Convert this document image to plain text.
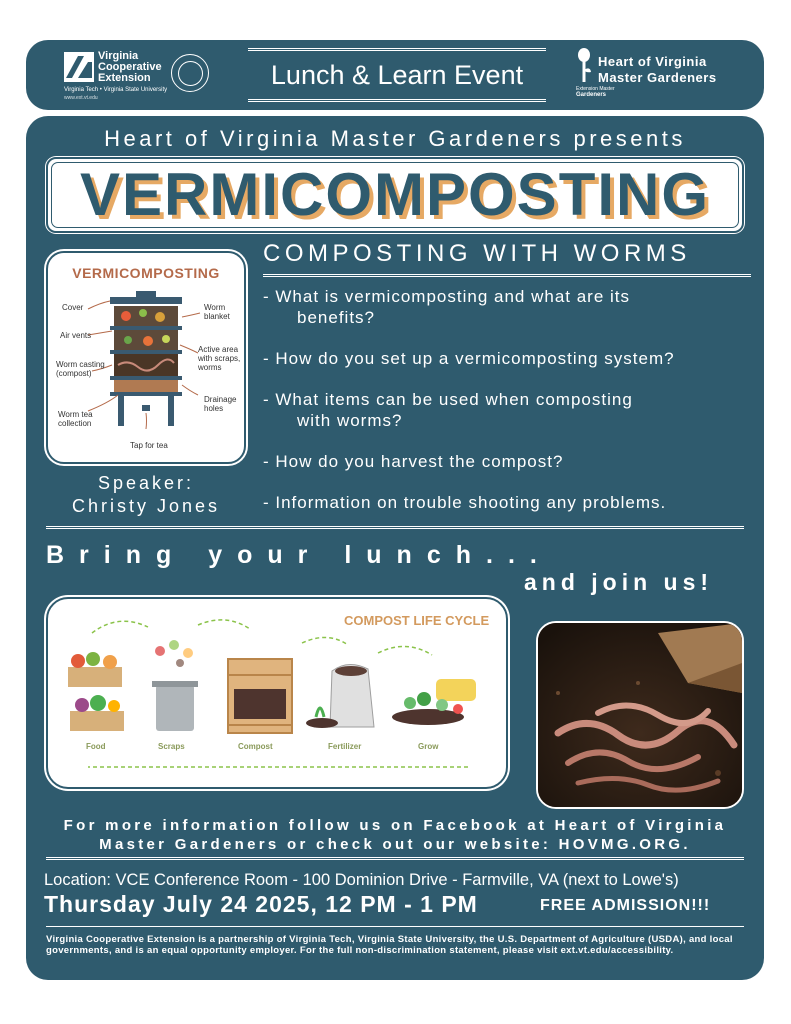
Virginia Cooperative Extension
Virginia Tech • Virginia State University
www.ext.vt.edu
Lunch & Learn Event	Heart of Virginia
Master Gardeners
Extension Master
Gardeners
Heart of Virginia Master Gardeners presents
VERMICOMPOSTING
VERMICOMPOSTING
Cover
Air vents
Worm casting (compost)
Worm tea collection
Tap for tea
Worm blanket
Active area with scraps, worms
Drainage holes
Speaker:
Christy Jones
COMPOSTING WITH WORMS
- What is vermicomposting and what are its
benefits?
- How do you set up a vermicomposting system?
- What items can be used when composting
with worms?
- How do you harvest the compost?
- Information on trouble shooting any problems.
Bring your lunch...
and join us!
COMPOST LIFE CYCLE
Food	Scraps	Compost	Fertilizer	Grow
For more information follow us on Facebook at Heart of Virginia
Master Gardeners or check out our website: HOVMG.ORG.
Location: VCE Conference Room - 100 Dominion Drive - Farmville, VA (next to Lowe's)
Thursday July 24 2025, 12 PM - 1 PM	FREE ADMISSION!!!
Virginia Cooperative Extension is a partnership of Virginia Tech, Virginia State University, the U.S. Department of Agriculture (USDA), and local governments, and is an equal opportunity employer. For the full non-discrimination statement, please visit ext.vt.edu/accessibility.
